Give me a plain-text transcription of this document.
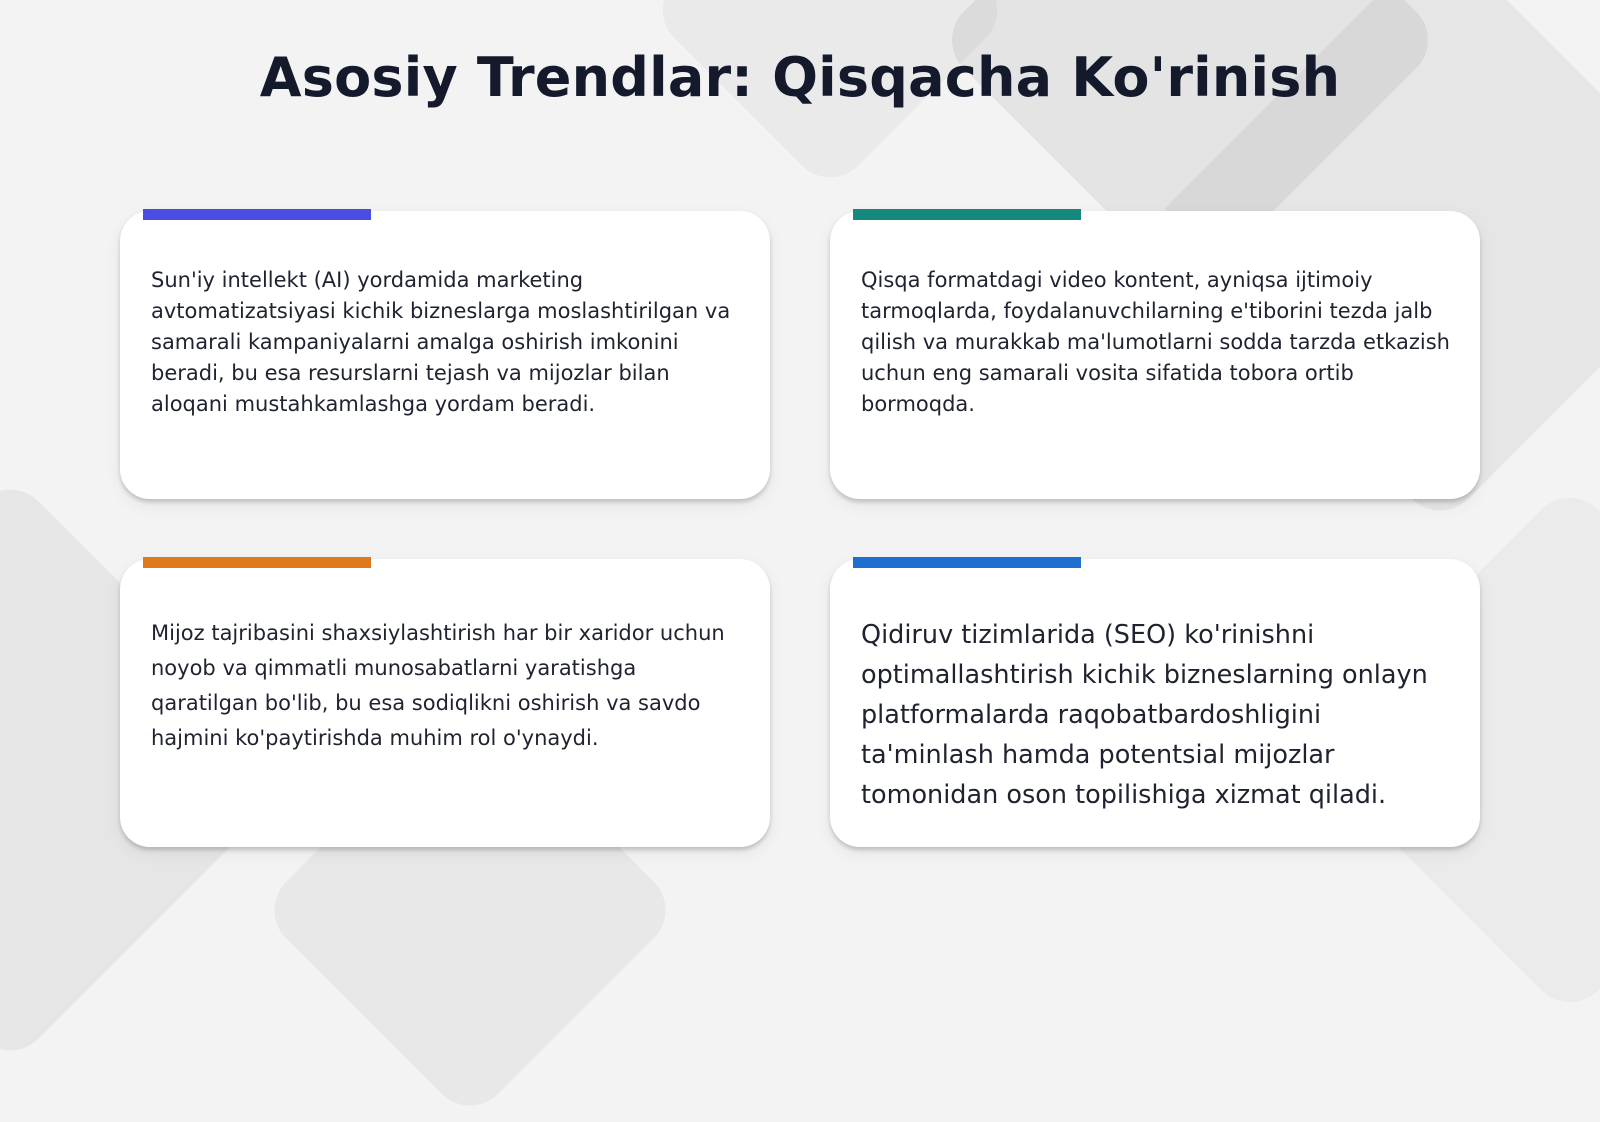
Asosiy Trendlar: Qisqacha Ko'rinish

Sun'iy intellekt (AI) yordamida marketing avtomatizatsiyasi kichik bizneslarga moslashtirilgan va samarali kampaniyalarni amalga oshirish imkonini beradi, bu esa resurslarni tejash va mijozlar bilan aloqani mustahkamlashga yordam beradi.

Qisqa formatdagi video kontent, ayniqsa ijtimoiy tarmoqlarda, foydalanuvchilarning e'tiborini tezda jalb qilish va murakkab ma'lumotlarni sodda tarzda etkazish uchun eng samarali vosita sifatida tobora ortib bormoqda.

Mijoz tajribasini shaxsiylashtirish har bir xaridor uchun noyob va qimmatli munosabatlarni yaratishga qaratilgan bo'lib, bu esa sodiqlikni oshirish va savdo hajmini ko'paytirishda muhim rol o'ynaydi.

Qidiruv tizimlarida (SEO) ko'rinishni optimallashtirish kichik bizneslarning onlayn platformalarda raqobatbardoshligini ta'minlash hamda potentsial mijozlar tomonidan oson topilishiga xizmat qiladi.
